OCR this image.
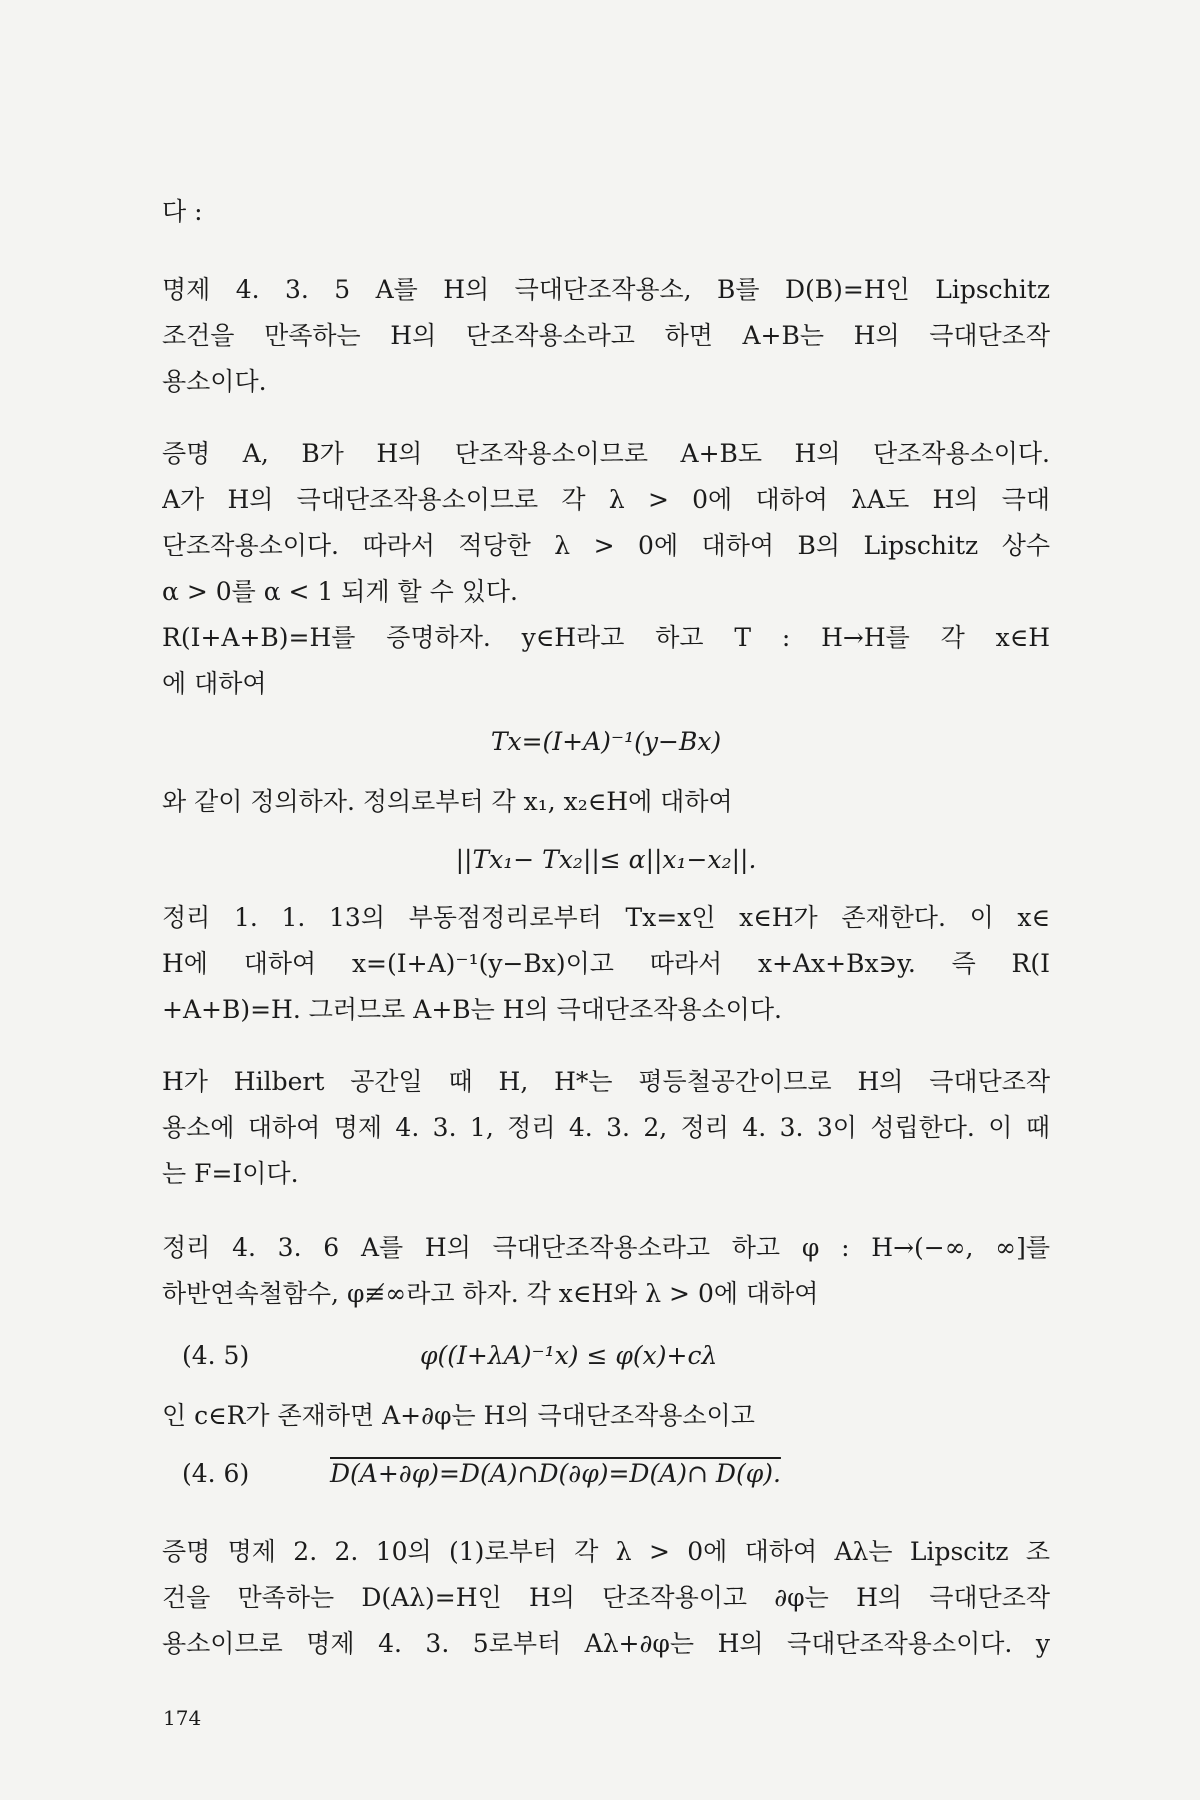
다 :
명제 4. 3. 5 A를 H의 극대단조작용소, B를 D(B)=H인 Lipschitz
조건을 만족하는 H의 단조작용소라고 하면 A+B는 H의 극대단조작
용소이다.
증명 A, B가 H의 단조작용소이므로 A+B도 H의 단조작용소이다.
A가 H의 극대단조작용소이므로 각 λ > 0에 대하여 λA도 H의 극대
단조작용소이다. 따라서 적당한 λ > 0에 대하여 B의 Lipschitz 상수
α > 0를 α < 1 되게 할 수 있다.
R(I+A+B)=H를 증명하자. y∈H라고 하고 T : H→H를 각 x∈H
에 대하여
Tx=(I+A)⁻¹(y−Bx)
와 같이 정의하자. 정의로부터 각 x₁, x₂∈H에 대하여
||Tx₁− Tx₂||≤ α||x₁−x₂||.
정리 1. 1. 13의 부동점정리로부터 Tx=x인 x∈H가 존재한다. 이 x∈
H에 대하여 x=(I+A)⁻¹(y−Bx)이고 따라서 x+Ax+Bx∋y. 즉 R(I
+A+B)=H. 그러므로 A+B는 H의 극대단조작용소이다.
H가 Hilbert 공간일 때 H, H*는 평등철공간이므로 H의 극대단조작
용소에 대하여 명제 4. 3. 1, 정리 4. 3. 2, 정리 4. 3. 3이 성립한다. 이 때
는 F=I이다.
정리 4. 3. 6 A를 H의 극대단조작용소라고 하고 φ : H→(−∞, ∞]를
하반연속철함수, φ≢∞라고 하자. 각 x∈H와 λ > 0에 대하여
(4. 5)	φ((I+λA)⁻¹x) ≤ φ(x)+cλ
인 c∈R가 존재하면 A+∂φ는 H의 극대단조작용소이고
(4. 6)	D(A+∂φ)=D(A)∩D(∂φ)=D(A)∩ D(φ).
증명 명제 2. 2. 10의 (1)로부터 각 λ > 0에 대하여 Aλ는 Lipscitz 조
건을 만족하는 D(Aλ)=H인 H의 단조작용이고 ∂φ는 H의 극대단조작
용소이므로 명제 4. 3. 5로부터 Aλ+∂φ는 H의 극대단조작용소이다. y
174
